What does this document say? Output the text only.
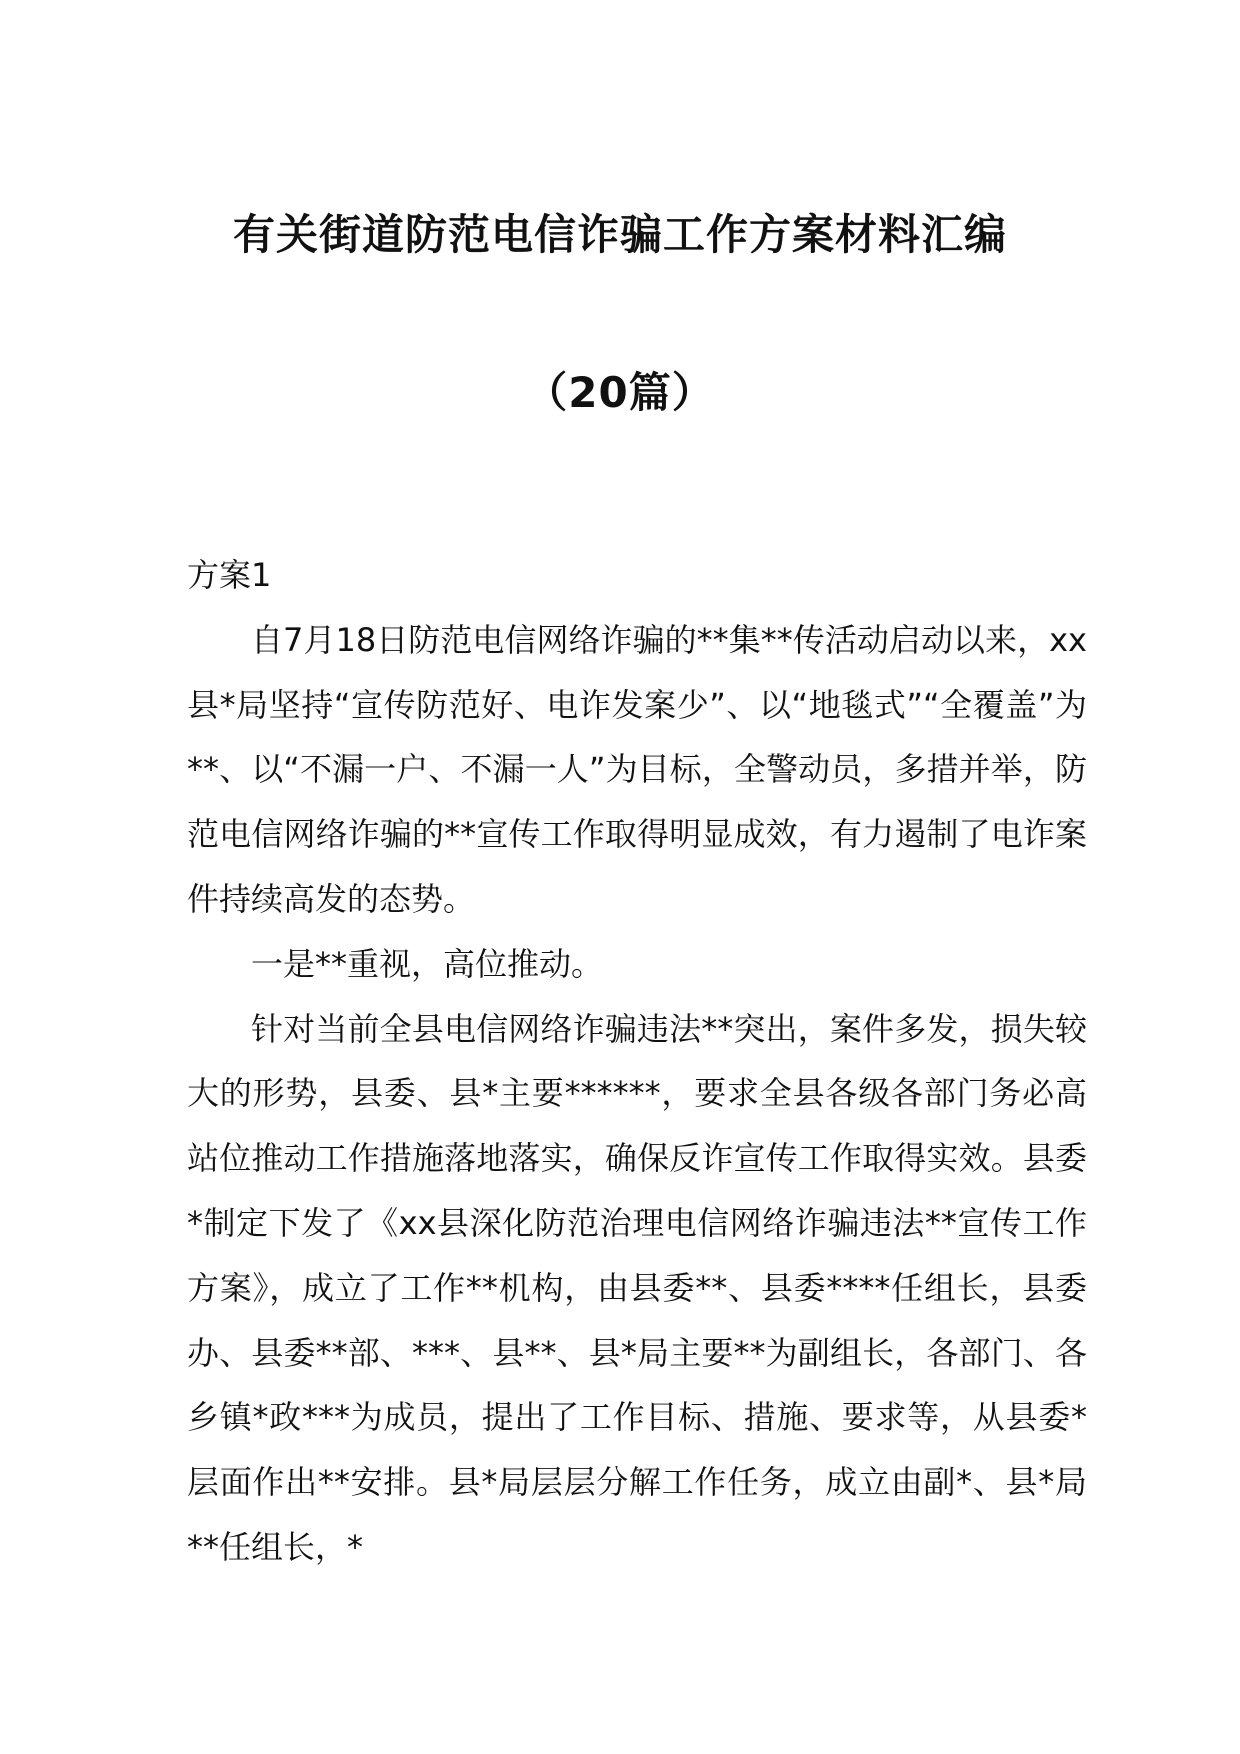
有关街道防范电信诈骗工作方案材料汇编
（20篇）

方案1

自7月18日防范电信网络诈骗的**集**传活动启动以来，xx县*局坚持“宣传防范好、电诈发案少”、以“地毯式”“全覆盖”为**、以“不漏一户、不漏一人”为目标，全警动员，多措并举，防范电信网络诈骗的**宣传工作取得明显成效，有力遏制了电诈案件持续高发的态势。

一是**重视，高位推动。

针对当前全县电信网络诈骗违法**突出，案件多发，损失较大的形势，县委、县*主要******，要求全县各级各部门务必高站位推动工作措施落地落实，确保反诈宣传工作取得实效。县委*制定下发了《xx县深化防范治理电信网络诈骗违法**宣传工作方案》，成立了工作**机构，由县委**、县委****任组长，县委办、县委**部、***、县**、县*局主要**为副组长，各部门、各乡镇*政***为成员，提出了工作目标、措施、要求等，从县委*层面作出**安排。县*局层层分解工作任务，成立由副*、县*局**任组长，*
